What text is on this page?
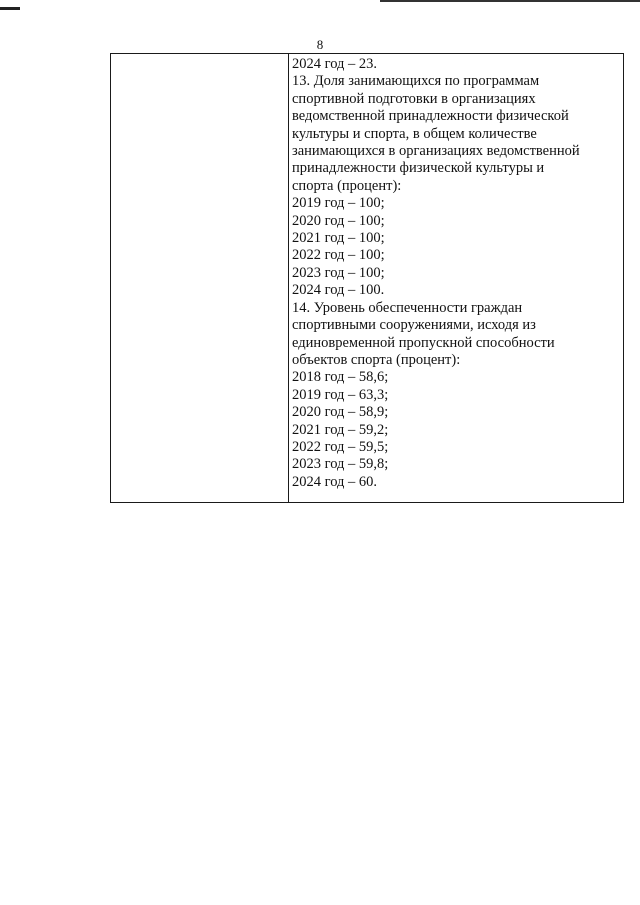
8
2024 год – 23.
13. Доля занимающихся по программам
спортивной подготовки в организациях
ведомственной принадлежности физической
культуры и спорта, в общем количестве
занимающихся в организациях ведомственной
принадлежности физической культуры и
спорта (процент):
2019 год – 100;
2020 год – 100;
2021 год – 100;
2022 год – 100;
2023 год – 100;
2024 год – 100.
14. Уровень обеспеченности граждан
спортивными сооружениями, исходя из
единовременной пропускной способности
объектов спорта (процент):
2018 год – 58,6;
2019 год – 63,3;
2020 год – 58,9;
2021 год – 59,2;
2022 год – 59,5;
2023 год – 59,8;
2024 год – 60.
